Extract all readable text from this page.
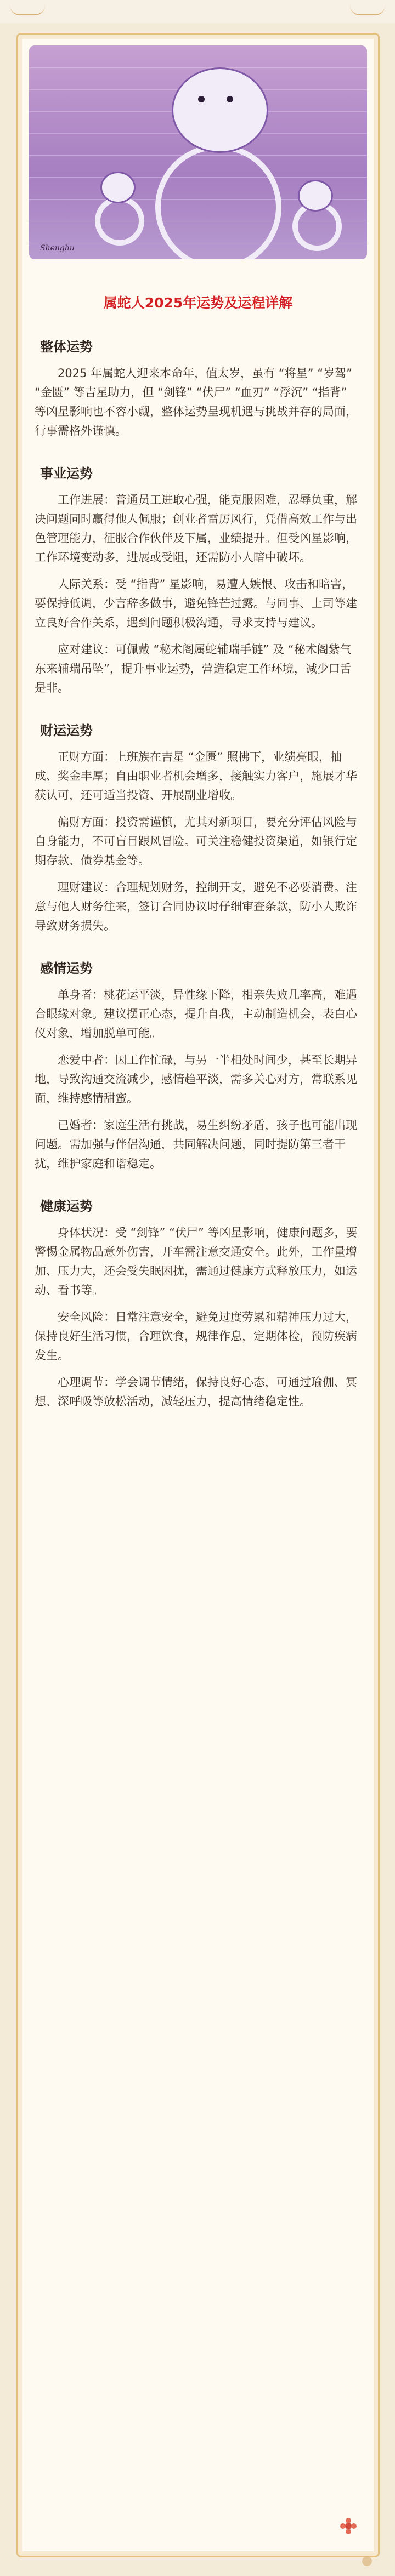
Shenghu
属蛇人2025年运势及运程详解
整体运势

2025 年属蛇人迎来本命年，值太岁，虽有 “将星” “岁驾” “金匮” 等吉星助力，但 “剑锋” “伏尸” “血刃” “浮沉” “指背” 等凶星影响也不容小觑，整体运势呈现机遇与挑战并存的局面，行事需格外谨慎。

事业运势

工作进展：普通员工进取心强，能克服困难，忍辱负重，解决问题同时赢得他人佩服；创业者雷厉风行，凭借高效工作与出色管理能力，征服合作伙伴及下属，业绩提升。但受凶星影响，工作环境变动多，进展或受阻，还需防小人暗中破坏。

人际关系：受 “指背” 星影响，易遭人嫉恨、攻击和暗害，要保持低调，少言辞多做事，避免锋芒过露。与同事、上司等建立良好合作关系，遇到问题积极沟通，寻求支持与建议。

应对建议：可佩戴 “秘术阁属蛇辅瑞手链” 及 “秘术阁紫气东来辅瑞吊坠”，提升事业运势，营造稳定工作环境，减少口舌是非。

财运运势

正财方面：上班族在吉星 “金匮” 照拂下，业绩亮眼，抽成、奖金丰厚；自由职业者机会增多，接触实力客户，施展才华获认可，还可适当投资、开展副业增收。

偏财方面：投资需谨慎，尤其对新项目，要充分评估风险与自身能力，不可盲目跟风冒险。可关注稳健投资渠道，如银行定期存款、债券基金等。

理财建议：合理规划财务，控制开支，避免不必要消费。注意与他人财务往来，签订合同协议时仔细审查条款，防小人欺诈导致财务损失。

感情运势

单身者：桃花运平淡，异性缘下降，相亲失败几率高，难遇合眼缘对象。建议摆正心态，提升自我，主动制造机会，表白心仪对象，增加脱单可能。

恋爱中者：因工作忙碌，与另一半相处时间少，甚至长期异地，导致沟通交流减少，感情趋平淡，需多关心对方，常联系见面，维持感情甜蜜。

已婚者：家庭生活有挑战，易生纠纷矛盾，孩子也可能出现问题。需加强与伴侣沟通，共同解决问题，同时提防第三者干扰，维护家庭和谐稳定。

健康运势

身体状况：受 “剑锋” “伏尸” 等凶星影响，健康问题多，要警惕金属物品意外伤害，开车需注意交通安全。此外，工作量增加、压力大，还会受失眠困扰，需通过健康方式释放压力，如运动、看书等。

安全风险：日常注意安全，避免过度劳累和精神压力过大，保持良好生活习惯，合理饮食，规律作息，定期体检，预防疾病发生。

心理调节：学会调节情绪，保持良好心态，可通过瑜伽、冥想、深呼吸等放松活动，减轻压力，提高情绪稳定性。
